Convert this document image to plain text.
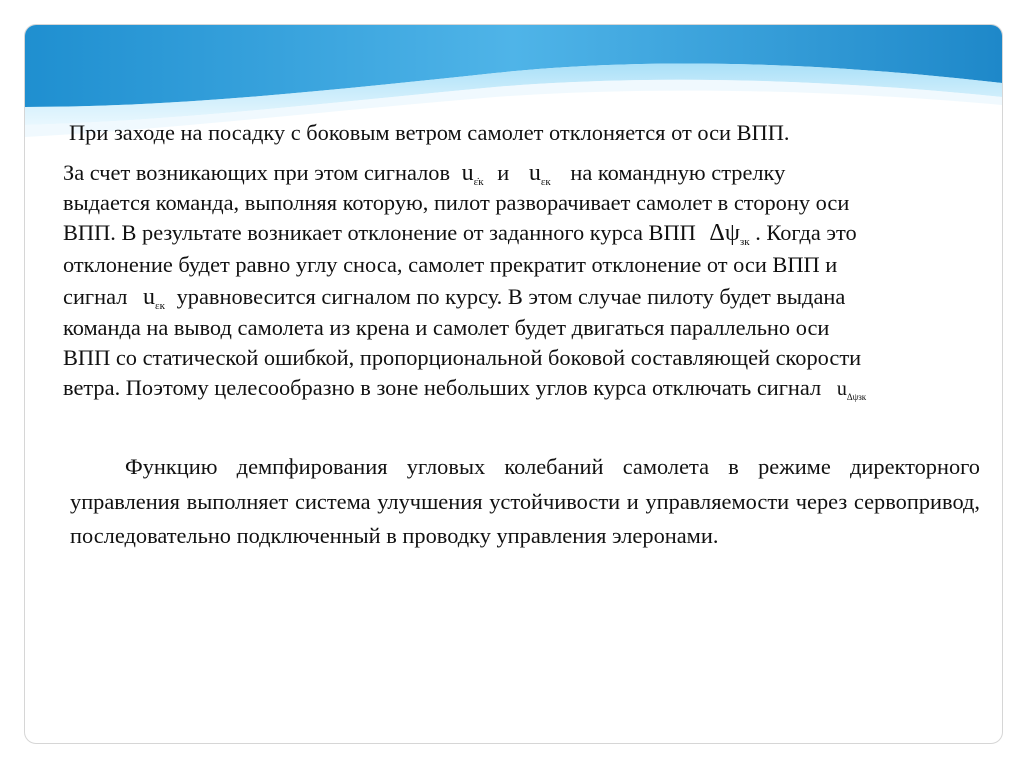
При заходе на посадку с боковым ветром самолет отклоняется от оси ВПП.
За счет возникающих при этом сигналов $u_{\varepsiloṅк}$ и $u_{\varepsilon к}$ на командную стрелку
выдается команда, выполняя которую, пилот разворачивает самолет в сторону оси
ВПП. В результате возникает отклонение от заданного курса ВПП $\Delta\psi_{зк}$ . Когда это
отклонение будет равно углу сноса, самолет прекратит отклонение от оси ВПП и
сигнал $u_{\varepsilon к}$ уравновесится сигналом по курсу. В этом случае пилоту будет выдана
команда на вывод самолета из крена и самолет будет двигаться параллельно оси
ВПП со статической ошибкой, пропорциональной боковой составляющей скорости
ветра. Поэтому целесообразно в зоне небольших углов курса отключать сигнал $u_{\Delta\psi зк}$

Функцию демпфирования угловых колебаний самолета в режиме директорного управления выполняет система улучшения устойчивости и управляемости через сервопривод, последовательно подключенный в проводку управления элеронами.
